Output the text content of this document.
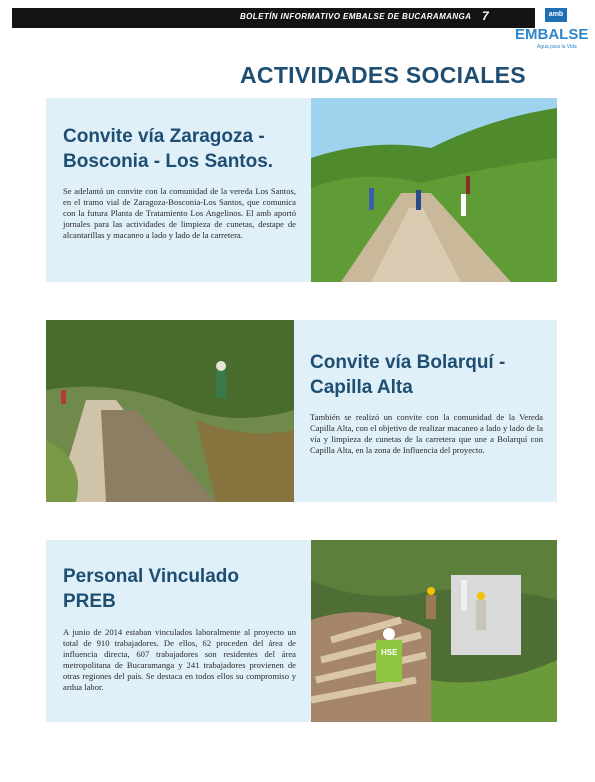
BOLETÍN INFORMATIVO EMBALSE DE BUCARAMANGA 7	amb
EMBALSE
Agua para la Vida
ACTIVIDADES SOCIALES
Convite vía Zaragoza -
Bosconia - Los Santos.

Se adelantó un convite con la comunidad de la vereda Los Santos, en el tramo vial de Zaragoza-Bosconia-Los Santos, que comunica con la futura Planta de Tratamiento Los Angelinos. El amb aportó jornales para las actividades de limpieza de cunetas, destape de alcantarillas y macaneo a lado y lado de la carretera.

Convite vía Bolarquí -
Capilla Alta

También se realizó un convite con la comunidad de la Vereda Capilla Alta, con el objetivo de realizar macaneo a lado y lado de la vía y limpieza de cunetas de la carretera que une a Bolarquí con Capilla Alta, en la zona de Influencia del proyecto.

Personal Vinculado
PREB

A junio de 2014 estaban vinculados laboralmente al proyecto un total de 910 trabajadores. De ellos, 62 proceden del área de influencia directa, 607 trabajadores son residentes del área metropolitana de Bucaramanga y 241 trabajadores provienen de otras regiones del país. Se destaca en todos ellos su compromiso y ardua labor.

HSE
